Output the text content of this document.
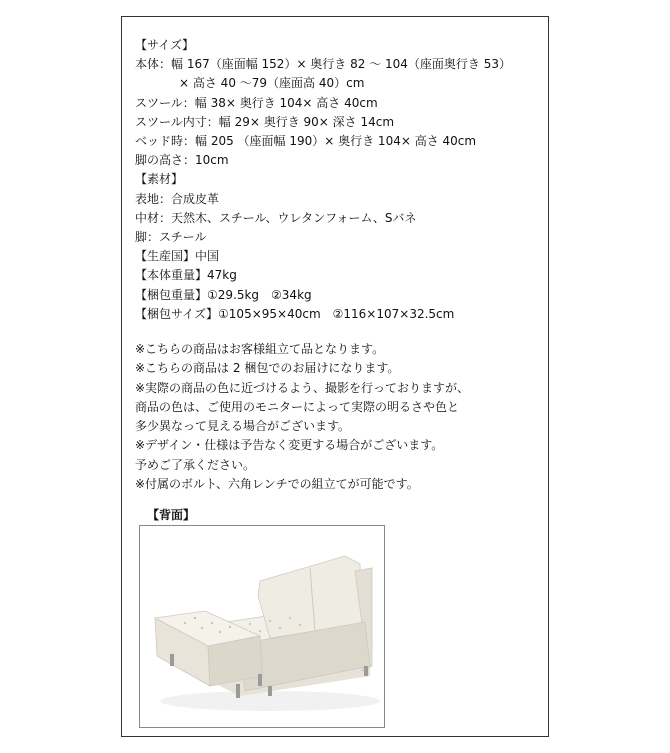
【サイズ】
本体：幅 167（座面幅 152）× 奥行き 82 ～ 104（座面奥行き 53）
× 高さ 40 ～79（座面高 40）cm
スツール：幅 38× 奥行き 104× 高さ 40cm
スツール内寸：幅 29× 奥行き 90× 深さ 14cm
ベッド時：幅 205 （座面幅 190）× 奥行き 104× 高さ 40cm
脚の高さ：10cm
【素材】
表地：合成皮革
中材：天然木、スチール、ウレタンフォーム、Sバネ
脚：スチール
【生産国】中国
【本体重量】47kg
【梱包重量】①29.5kg　②34kg
【梱包サイズ】①105×95×40cm　②116×107×32.5cm
※こちらの商品はお客様組立て品となります。
※こちらの商品は 2 梱包でのお届けになります。
※実際の商品の色に近づけるよう、撮影を行っておりますが、
商品の色は、ご使用のモニターによって実際の明るさや色と
多少異なって見える場合がございます。
※デザイン・仕様は予告なく変更する場合がございます。
予めご了承ください。
※付属のボルト、六角レンチでの組立てが可能です。
【背面】
